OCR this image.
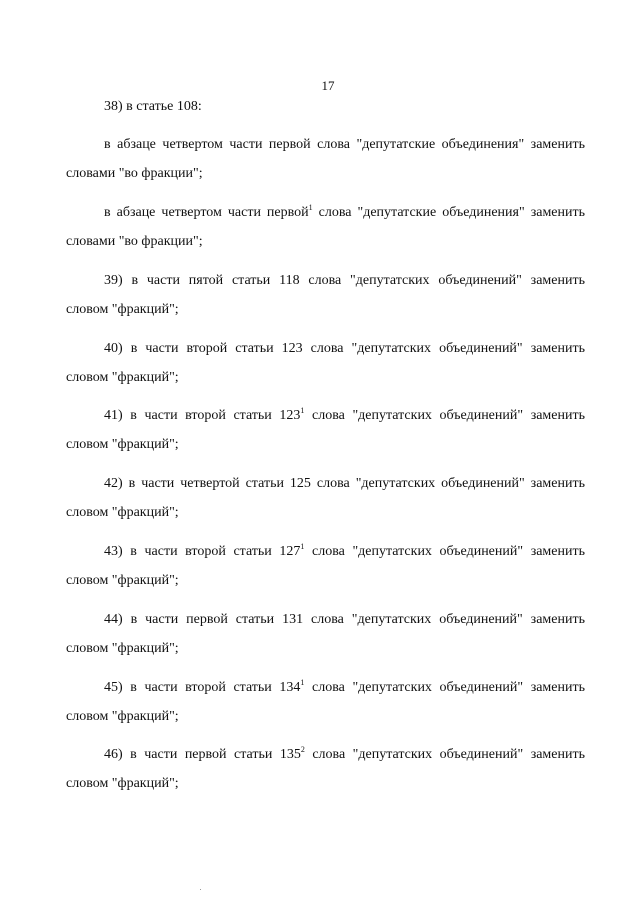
17

38) в статье 108:

в абзаце четвертом части первой слова "депутатские объединения" заменить

словами "во фракции";

в абзаце четвертом части первой$^1$ слова "депутатские объединения" заменить

словами "во фракции";

39) в части пятой статьи 118 слова "депутатских объединений" заменить

словом "фракций";

40) в части второй статьи 123 слова "депутатских объединений" заменить

словом "фракций";

41) в части второй статьи $123^1$ слова "депутатских объединений" заменить

словом "фракций";

42) в части четвертой статьи 125 слова "депутатских объединений" заменить

словом "фракций";

43) в части второй статьи $127^1$ слова "депутатских объединений" заменить

словом "фракций";

44) в части первой статьи 131 слова "депутатских объединений" заменить

словом "фракций";

45) в части второй статьи $134^1$ слова "депутатских объединений" заменить

словом "фракций";

46) в части первой статьи $135^2$ слова "депутатских объединений" заменить

словом "фракций";
